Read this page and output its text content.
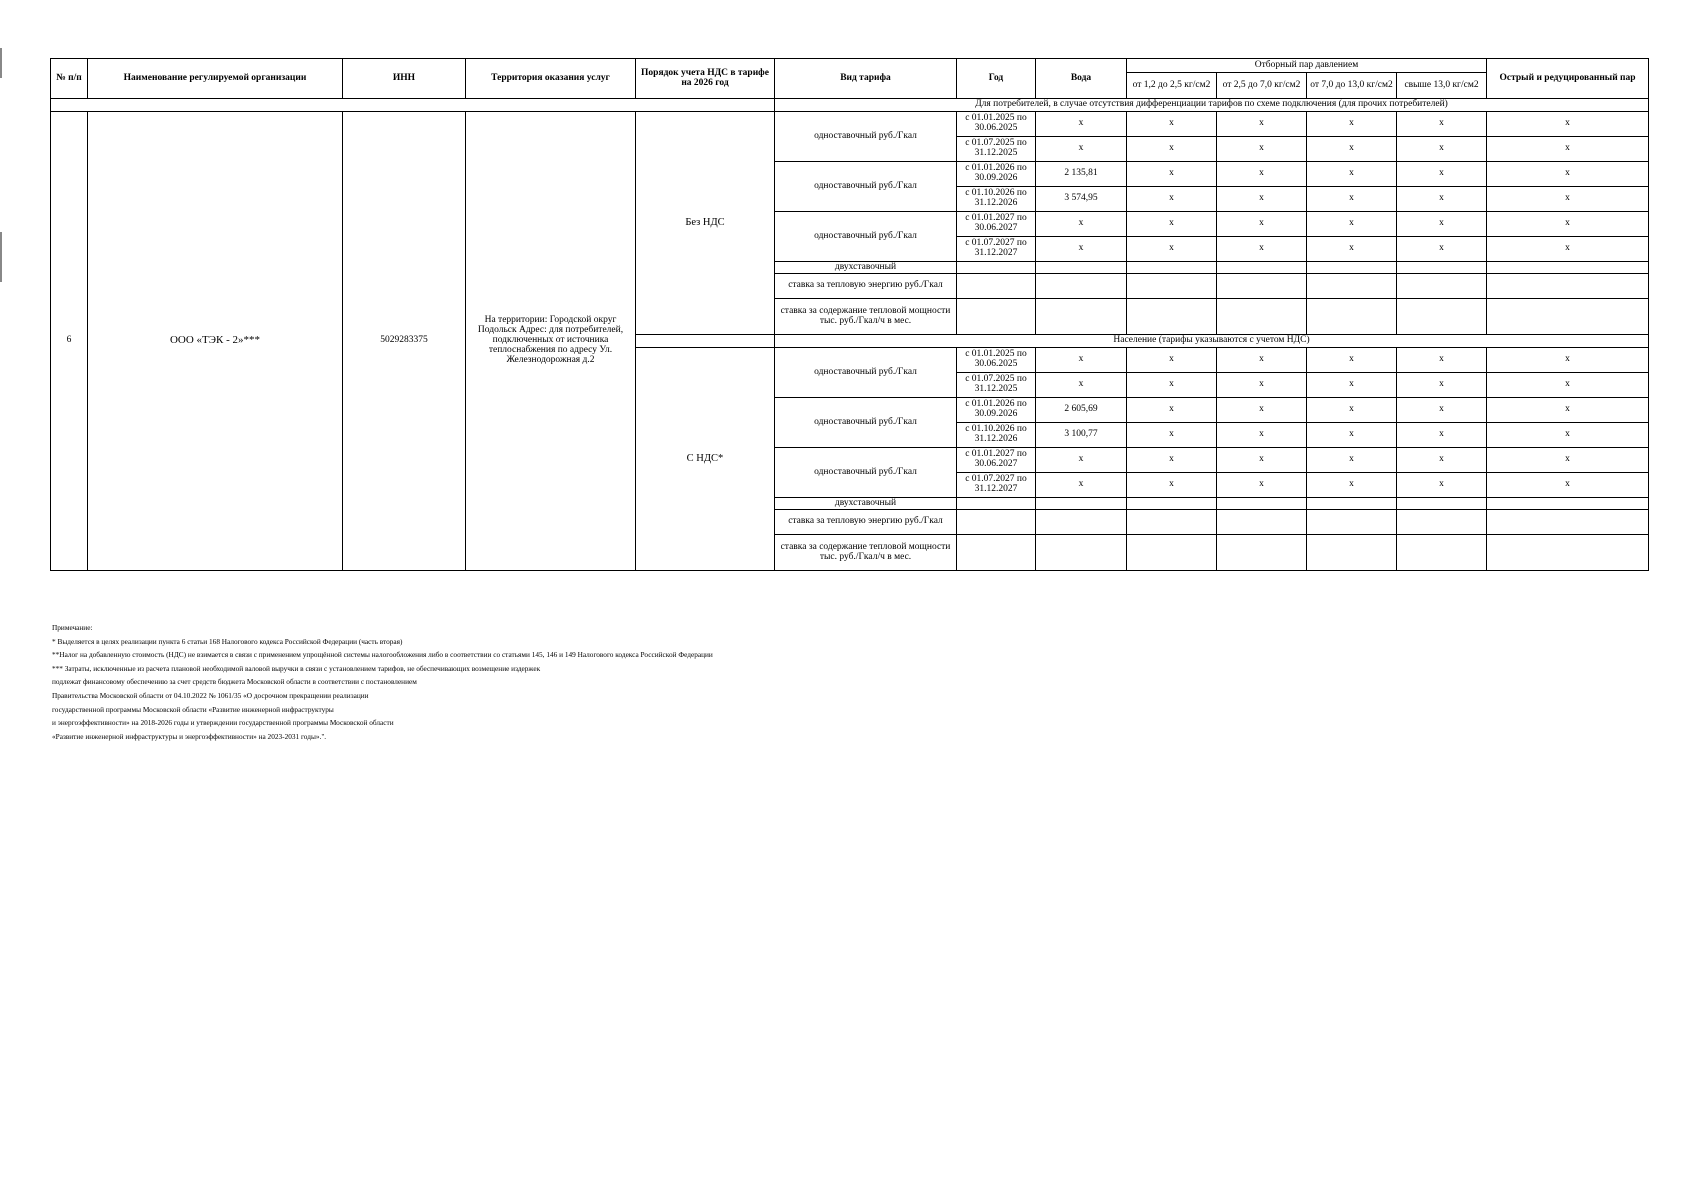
№ п/п	Наименование регулируемой организации	ИНН	Территория оказания услуг	Порядок учета НДС в тарифе на 2026 год	Вид тарифа	Год	Вода	Отборный пар давлением				Острый и редуцированный пар
								от 1,2 до 2,5 кг/см2	от 2,5 до 7,0 кг/см2	от 7,0 до 13,0 кг/см2	свыше 13,0 кг/см2	
					Для потребителей, в случае отсутствия дифференциации тарифов по схеме подключения (для прочих потребителей)							
6	ООО «ТЭК - 2»***	5029283375	На территории: Городской округ Подольск Адрес: для потребителей, подключенных от источника теплоснабжения по адресу Ул. Железнодорожная д.2	Без НДС	одноставочный руб./Гкал	с 01.01.2025 по 30.06.2025	x	x	x	x	x	x
						с 01.07.2025 по 31.12.2025	x	x	x	x	x	x
					одноставочный руб./Гкал	с 01.01.2026 по 30.09.2026	2 135,81	x	x	x	x	x
						с 01.10.2026 по 31.12.2026	3 574,95	x	x	x	x	x
					одноставочный руб./Гкал	с 01.01.2027 по 30.06.2027	x	x	x	x	x	x
						с 01.07.2027 по 31.12.2027	x	x	x	x	x	x
					двухставочный							
					ставка за тепловую энергию руб./Гкал							
					ставка за содержание тепловой мощности тыс. руб./Гкал/ч в мес.							
					Население (тарифы указываются с учетом НДС)							
				С НДС*	одноставочный руб./Гкал	с 01.01.2025 по 30.06.2025	x	x	x	x	x	x
						с 01.07.2025 по 31.12.2025	x	x	x	x	x	x
					одноставочный руб./Гкал	с 01.01.2026 по 30.09.2026	2 605,69	x	x	x	x	x
						с 01.10.2026 по 31.12.2026	3 100,77	x	x	x	x	x
					одноставочный руб./Гкал	с 01.01.2027 по 30.06.2027	x	x	x	x	x	x
						с 01.07.2027 по 31.12.2027	x	x	x	x	x	x
					двухставочный							
					ставка за тепловую энергию руб./Гкал							
					ставка за содержание тепловой мощности тыс. руб./Гкал/ч в мес.							
Примечание:
* Выделяется в целях реализации пункта 6 статьи 168 Налогового кодекса Российской Федерации (часть вторая)
**Налог на добавленную стоимость (НДС) не взимается в связи с применением упрощённой системы налогообложения либо в соответствии со статьями 145, 146 и 149 Налогового кодекса Российской Федерации
*** Затраты, исключенные из расчета плановой необходимой валовой выручки в связи с установлением тарифов, не обеспечивающих возмещение издержек
подлежат финансовому обеспечению за счет средств бюджета Московской области в соответствии с постановлением
Правительства Московской области от 04.10.2022 № 1061/35 «О досрочном прекращении реализации
государственной программы Московской области «Развитие инженерной инфраструктуры
и энергоэффективности» на 2018-2026 годы и утверждении государственной программы Московской области
«Развитие инженерной инфраструктуры и энергоэффективности» на 2023-2031 годы».".
